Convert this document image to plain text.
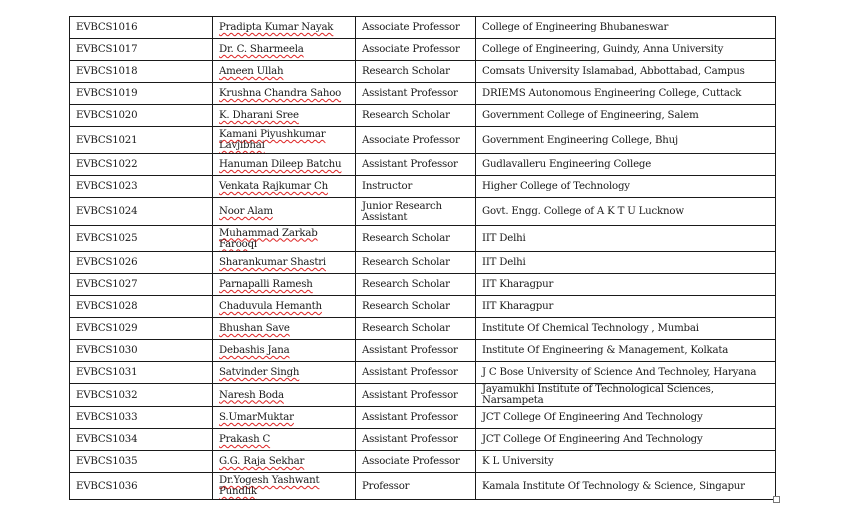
EVBCS1016	Pradipta Kumar Nayak	Associate Professor	College of Engineering Bhubaneswar
EVBCS1017	Dr. C. Sharmeela	Associate Professor	College of Engineering, Guindy, Anna University
EVBCS1018	Ameen Ullah	Research Scholar	Comsats University Islamabad, Abbottabad, Campus
EVBCS1019	Krushna Chandra Sahoo	Assistant Professor	DRIEMS Autonomous Engineering College, Cuttack
EVBCS1020	K. Dharani Sree	Research Scholar	Government College of Engineering, Salem
EVBCS1021	Kamani Piyushkumar Lavjibhai	Associate Professor	Government Engineering College, Bhuj
EVBCS1022	Hanuman Dileep Batchu	Assistant Professor	Gudlavalleru Engineering College
EVBCS1023	Venkata Rajkumar Ch	Instructor	Higher College of Technology
EVBCS1024	Noor Alam	Junior Research Assistant	Govt. Engg. College of A K T U Lucknow
EVBCS1025	Muhammad Zarkab Farooqi	Research Scholar	IIT Delhi
EVBCS1026	Sharankumar Shastri	Research Scholar	IIT Delhi
EVBCS1027	Parnapalli Ramesh	Research Scholar	IIT Kharagpur
EVBCS1028	Chaduvula Hemanth	Research Scholar	IIT Kharagpur
EVBCS1029	Bhushan Save	Research Scholar	Institute Of Chemical Technology , Mumbai
EVBCS1030	Debashis Jana	Assistant Professor	Institute Of Engineering & Management, Kolkata
EVBCS1031	Satvinder Singh	Assistant Professor	J C Bose University of Science And Technoley, Haryana
EVBCS1032	Naresh Boda	Assistant Professor	Jayamukhi Institute of Technological Sciences, Narsampeta
EVBCS1033	S.UmarMuktar	Assistant Professor	JCT College Of Engineering And Technology
EVBCS1034	Prakash C	Assistant Professor	JCT College Of Engineering And Technology
EVBCS1035	G.G. Raja Sekhar	Associate Professor	K L University
EVBCS1036	Dr.Yogesh Yashwant Pundlik	Professor	Kamala Institute Of Technology & Science, Singapur
